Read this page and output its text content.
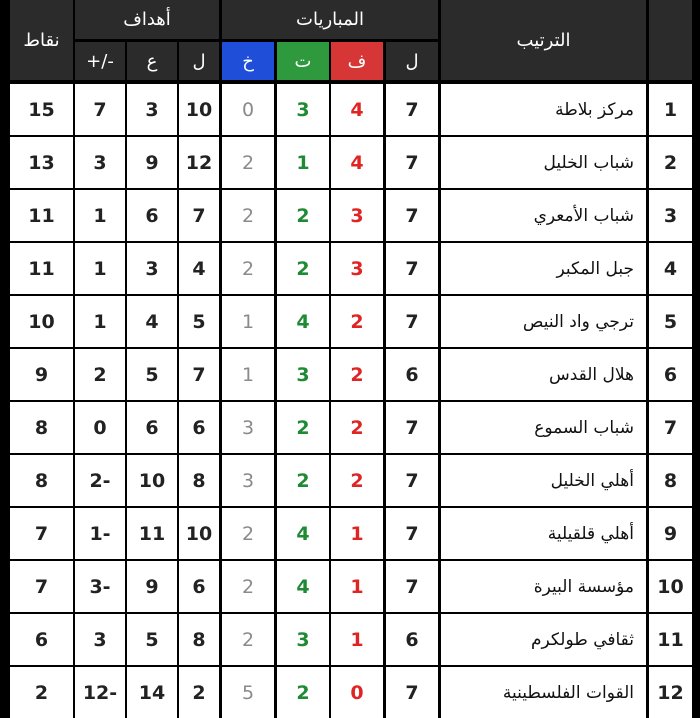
نقاط
أهداف	المباريات
الترتيب
+/-	ع	ل	خ	ت	ف	ل
15	7	3	10	0	3	4	7	مركز بلاطة	1
13	3	9	12	2	1	4	7	شباب الخليل	2
11	1	6	7	2	2	3	7	شباب الأمعري	3
11	1	3	4	2	2	3	7	جبل المكبر	4
10	1	4	5	1	4	2	7	ترجي واد النيص	5
9	2	5	7	1	3	2	6	هلال القدس	6
8	0	6	6	3	2	2	7	شباب السموع	7
8	2-	10	8	3	2	2	7	أهلي الخليل	8
7	1-	11	10	2	4	1	7	أهلي قلقيلية	9
7	3-	9	6	2	4	1	7	مؤسسة البيرة	10
6	3	5	8	2	3	1	6	ثقافي طولكرم	11
2	12-	14	2	5	2	0	7	القوات الفلسطينية	12
